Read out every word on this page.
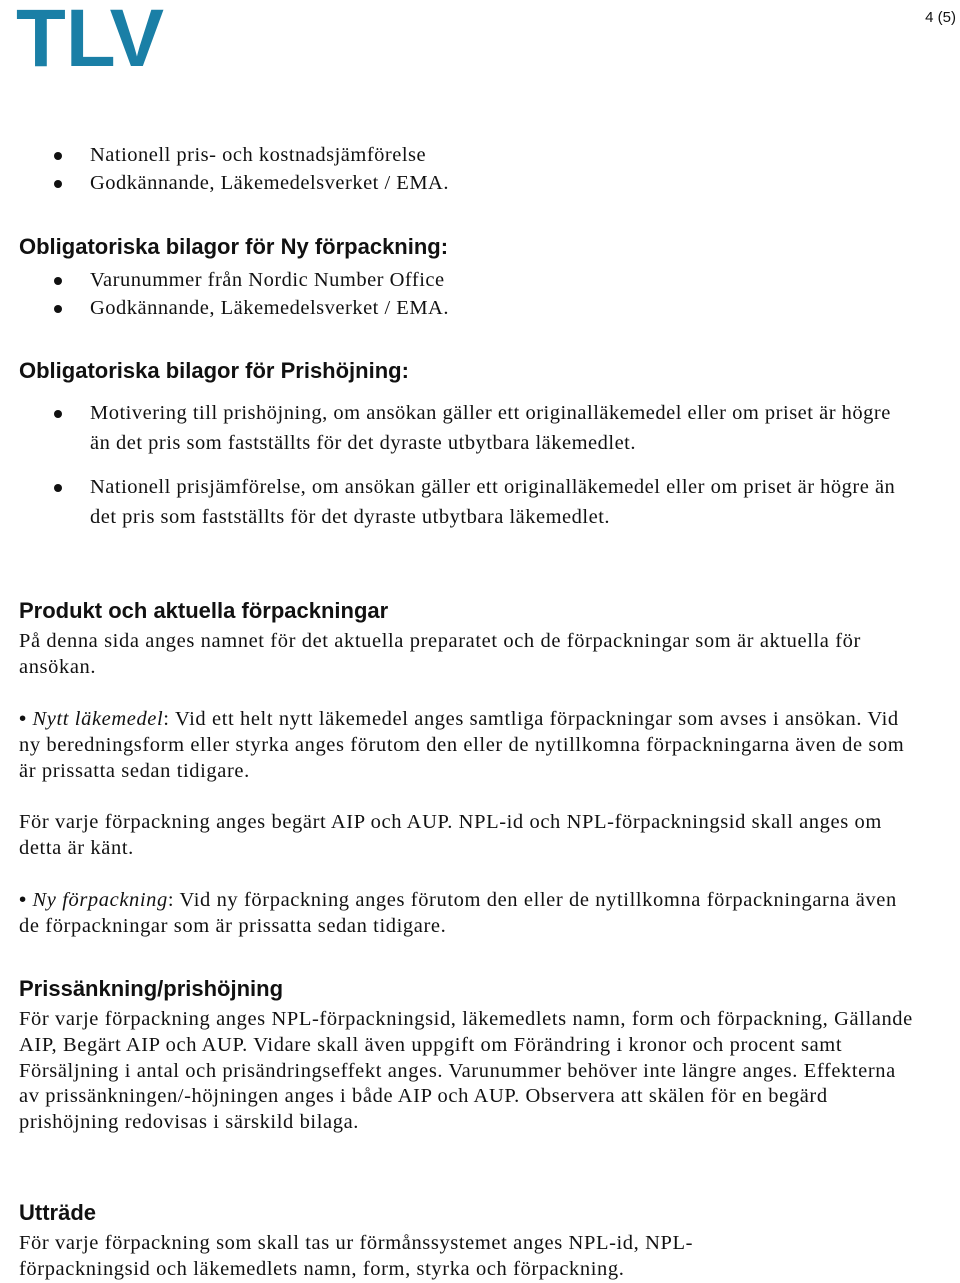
TLV	4 (5)
Nationell pris- och kostnadsjämförelse
Godkännande, Läkemedelsverket / EMA.
Obligatoriska bilagor för Ny förpackning:
Varunummer från Nordic Number Office
Godkännande, Läkemedelsverket / EMA.
Obligatoriska bilagor för Prishöjning:
Motivering till prishöjning, om ansökan gäller ett originalläkemedel eller om priset är högre än det pris som fastställts för det dyraste utbytbara läkemedlet.
Nationell prisjämförelse, om ansökan gäller ett originalläkemedel eller om priset är högre än det pris som fastställts för det dyraste utbytbara läkemedlet.
Produkt och aktuella förpackningar

På denna sida anges namnet för det aktuella preparatet och de förpackningar som är aktuella för ansökan.

• Nytt läkemedel: Vid ett helt nytt läkemedel anges samtliga förpackningar som avses i ansökan. Vid ny beredningsform eller styrka anges förutom den eller de nytillkomna förpackningarna även de som är prissatta sedan tidigare.

För varje förpackning anges begärt AIP och AUP. NPL-id och NPL-förpackningsid skall anges om detta är känt.

• Ny förpackning: Vid ny förpackning anges förutom den eller de nytillkomna förpackningarna även de förpackningar som är prissatta sedan tidigare.

Prissänkning/prishöjning

För varje förpackning anges NPL-förpackningsid, läkemedlets namn, form och förpackning, Gällande AIP, Begärt AIP och AUP. Vidare skall även uppgift om Förändring i kronor och procent samt Försäljning i antal och prisändringseffekt anges. Varunummer behöver inte längre anges. Effekterna av prissänkningen/-höjningen anges i både AIP och AUP. Observera att skälen för en begärd prishöjning redovisas i särskild bilaga.

Utträde

För varje förpackning som skall tas ur förmånssystemet anges NPL-id, NPL-förpackningsid och läkemedlets namn, form, styrka och förpackning.
